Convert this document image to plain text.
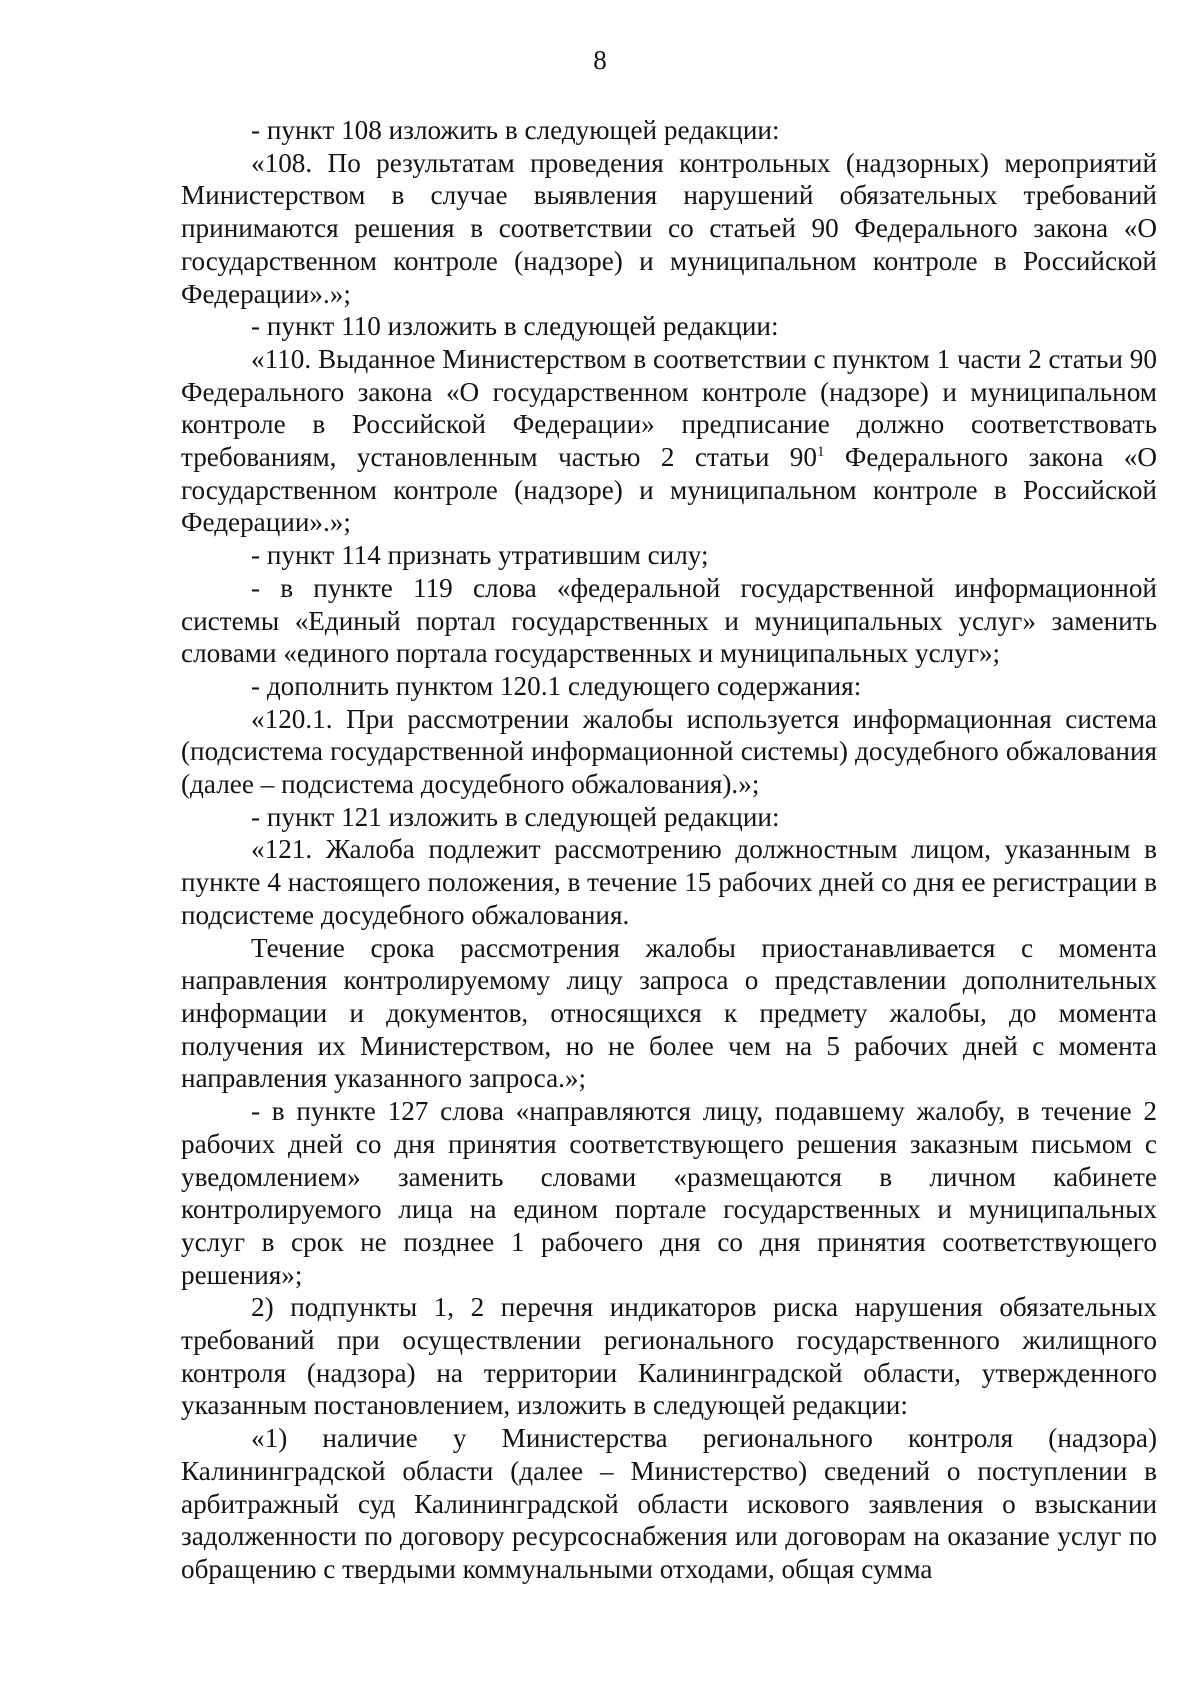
8

- пункт 108 изложить в следующей редакции:

«108. По результатам проведения контрольных (надзорных) мероприятий Министерством в случае выявления нарушений обязательных требований принимаются решения в соответствии со статьей 90 Федерального закона «О государственном контроле (надзоре) и муниципальном контроле в Российской Федерации».»;

- пункт 110 изложить в следующей редакции:

«110. Выданное Министерством в соответствии с пунктом 1 части 2 статьи 90 Федерального закона «О государственном контроле (надзоре) и муниципальном контроле в Российской Федерации» предписание должно соответствовать требованиям, установленным частью 2 статьи $90^1$ Федерального закона «О государственном контроле (надзоре) и муниципальном контроле в Российской Федерации».»;

- пункт 114 признать утратившим силу;

- в пункте 119 слова «федеральной государственной информационной системы «Единый портал государственных и муниципальных услуг» заменить словами «единого портала государственных и муниципальных услуг»;

- дополнить пунктом 120.1 следующего содержания:

«120.1. При рассмотрении жалобы используется информационная система (подсистема государственной информационной системы) досудебного обжалования (далее – подсистема досудебного обжалования).»;

- пункт 121 изложить в следующей редакции:

«121. Жалоба подлежит рассмотрению должностным лицом, указанным в пункте 4 настоящего положения, в течение 15 рабочих дней со дня ее регистрации в подсистеме досудебного обжалования.

Течение срока рассмотрения жалобы приостанавливается с момента направления контролируемому лицу запроса о представлении дополнительных информации и документов, относящихся к предмету жалобы, до момента получения их Министерством, но не более чем на 5 рабочих дней с момента направления указанного запроса.»;

- в пункте 127 слова «направляются лицу, подавшему жалобу, в течение 2 рабочих дней со дня принятия соответствующего решения заказным письмом с уведомлением» заменить словами «размещаются в личном кабинете контролируемого лица на едином портале государственных и муниципальных услуг в срок не позднее 1 рабочего дня со дня принятия соответствующего решения»;

2) подпункты 1, 2 перечня индикаторов риска нарушения обязательных требований при осуществлении регионального государственного жилищного контроля (надзора) на территории Калининградской области, утвержденного указанным постановлением, изложить в следующей редакции:

«1) наличие у Министерства регионального контроля (надзора) Калининградской области (далее – Министерство) сведений о поступлении в арбитражный суд Калининградской области искового заявления о взыскании задолженности по договору ресурсоснабжения или договорам на оказание услуг по обращению с твердыми коммунальными отходами, общая сумма
